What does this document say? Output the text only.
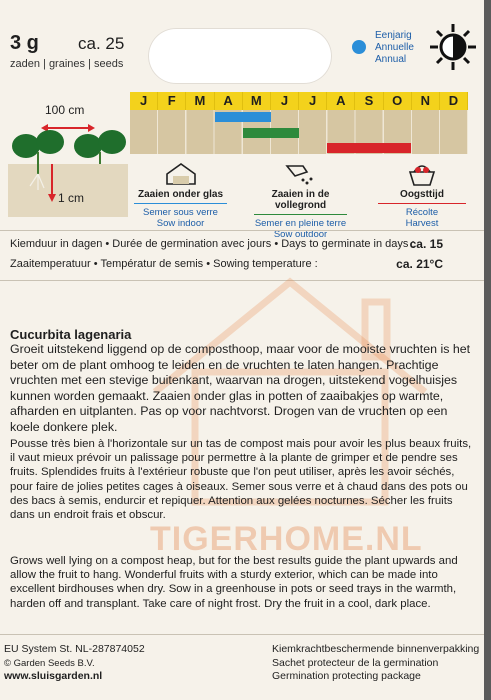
3 g ca. 25
zaden | graines | seeds
Eenjarig
Annuelle
Annual
J	F	M	A	M	J	J	A	S	O	N	D
100 cm
1 cm	Zaaien onder glas
Semer sous verre
Sow indoor
Zaaien in de vollegrond
Semer en pleine terre
Sow outdoor
Oogsttijd
Récolte
Harvest
Kiemduur in dagen • Durée de germination avec jours • Days to germinate in days :
ca. 15
Zaaitemperatuur • Températur de semis • Sowing temperature :	ca. 21°C
Cucurbita lagenaria

Groeit uitstekend liggend op de composthoop, maar voor de mooiste vruchten is het beter om de plant omhoog te leiden en de vruchten te laten hangen. Prachtige vruchten met een stevige buitenkant, waarvan na drogen, uitstekend vogelhuisjes kunnen worden gemaakt. Zaaien onder glas in potten of zaaibakjes op warmte, afharden en uitplanten. Pas op voor nachtvorst. Drogen van de vruchten op een koele donkere plek.

Pousse très bien à l'horizontale sur un tas de compost mais pour avoir les plus beaux fruits, il vaut mieux prévoir un palissage pour permettre à la plante de grimper et de pendre ses fruits. Splendides fruits à l'extérieur robuste que l'on peut utiliser, après les avoir séchés, pour faire de jolies petites cages à oiseaux. Semer sous verre et à chaud dans des pots ou des bacs à semis, endurcir et repiquer. Attention aux gelées nocturnes. Sécher les fruits dans un endroit frais et obscur.

Grows well lying on a compost heap, but for the best results guide the plant upwards and allow the fruit to hang. Wonderful fruits with a sturdy exterior, which can be made into excellent birdhouses when dry. Sow in a greenhouse in pots or seed trays in the warmth, harden off and transplant. Take care of night frost. Dry the fruit in a cool, dark place.

TIGERHOME.NL
EU System St. NL-287874052
© Garden Seeds B.V.
www.sluisgarden.nl
Kiemkrachtbeschermende binnenverpakking
Sachet protecteur de la germination
Germination protecting package
